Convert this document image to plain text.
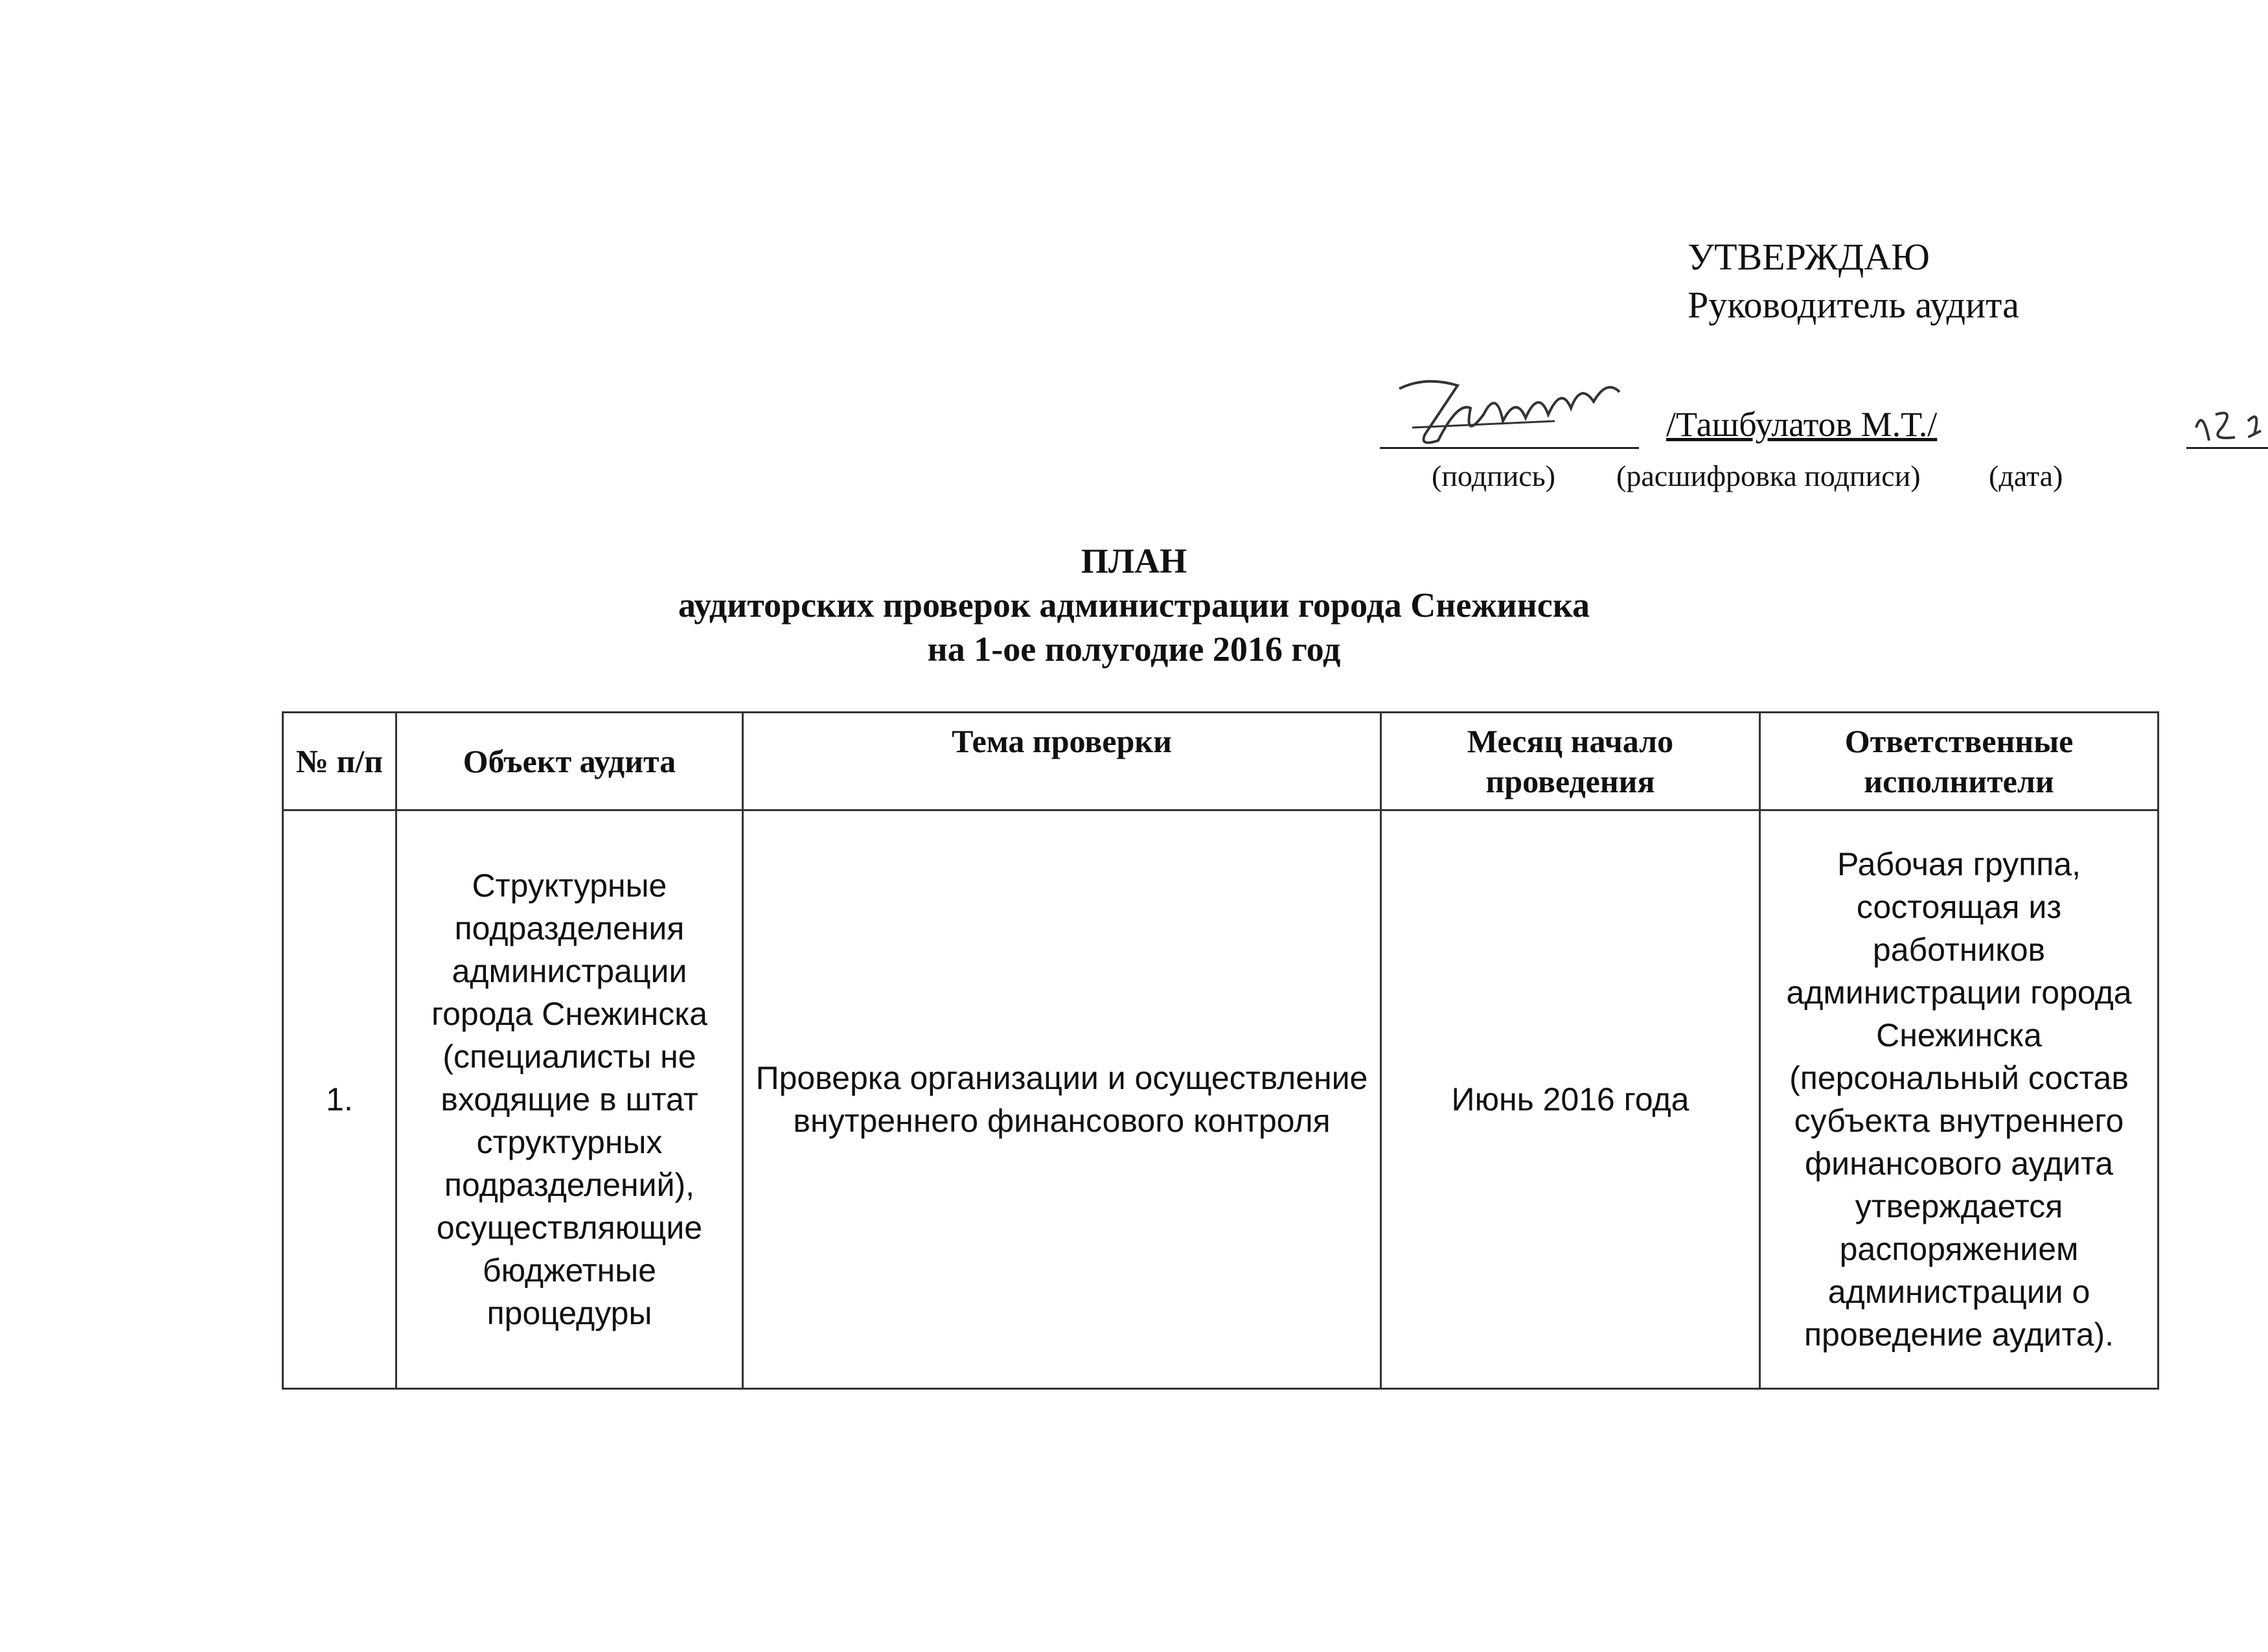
УТВЕРЖДАЮ
Руководитель аудита
/Ташбулатов М.Т./
(подпись) (расшифровка подписи) (дата)
ПЛАН
аудиторских проверок администрации города Снежинска
на 1-ое полугодие 2016 год
№ п/п	Объект аудита	Тема проверки	Месяц начало проведения	Ответственные исполнители
1.	Структурные подразделения администрации города Снежинска (специалисты не входящие в штат структурных подразделений), осуществляющие бюджетные процедуры	Проверка организации и осуществление внутреннего финансового контроля	Июнь 2016 года	Рабочая группа, состоящая из работников администрации города Снежинска (персональный состав субъекта внутреннего финансового аудита утверждается распоряжением администрации о проведение аудита).
